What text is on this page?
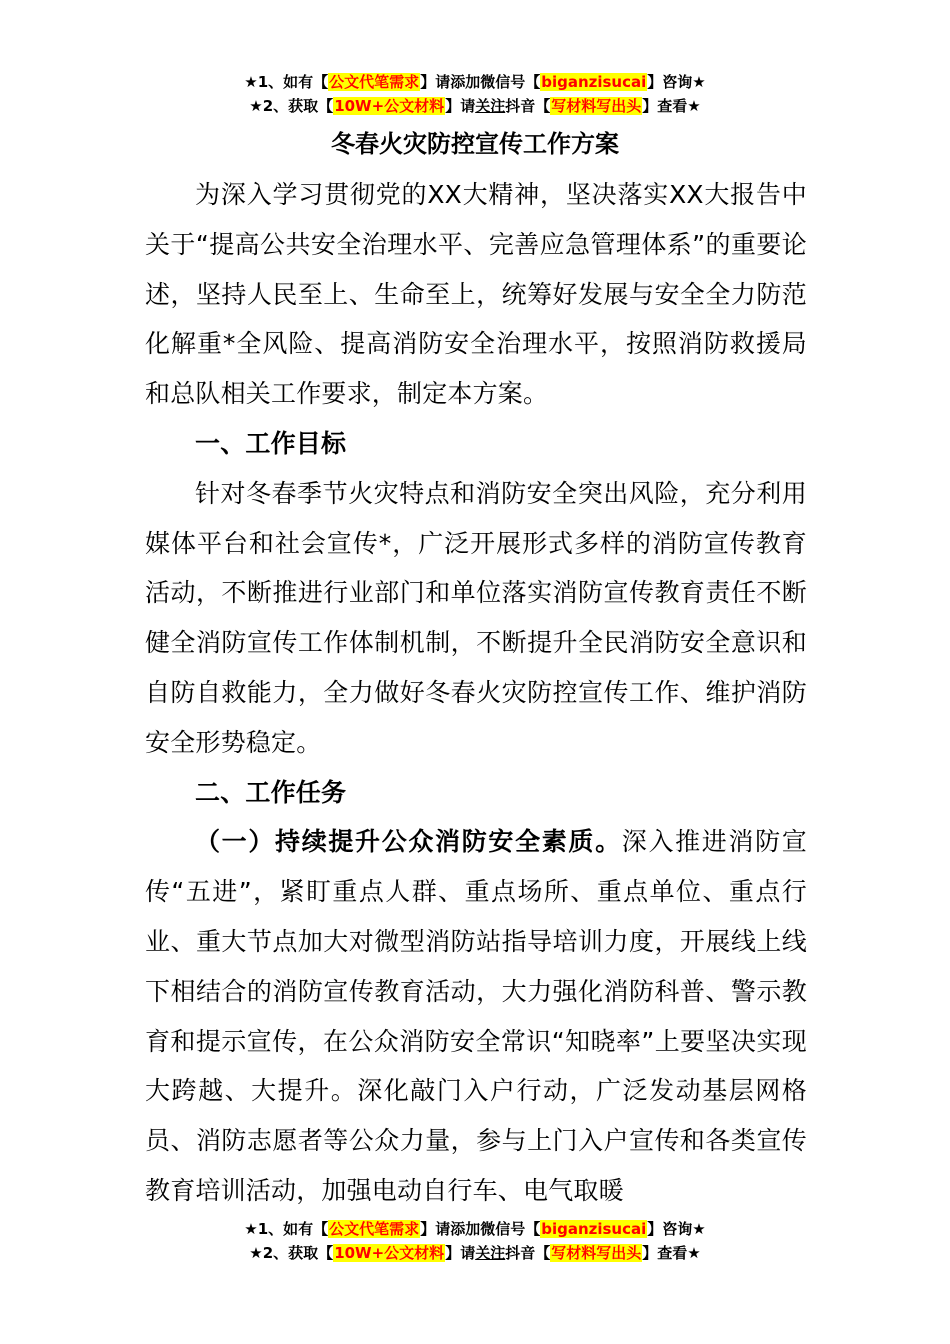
★1、如有【公文代笔需求】请添加微信号【biganzisucai】咨询★
★2、获取【10W+公文材料】请关注抖音【写材料写出头】查看★
冬春火灾防控宣传工作方案

为深入学习贯彻党的XX大精神，坚决落实XX大报告中关于“提高公共安全治理水平、完善应急管理体系”的重要论述，坚持人民至上、生命至上，统筹好发展与安全全力防范化解重*全风险、提高消防安全治理水平，按照消防救援局和总队相关工作要求，制定本方案。

一、工作目标

针对冬春季节火灾特点和消防安全突出风险，充分利用媒体平台和社会宣传*，广泛开展形式多样的消防宣传教育活动，不断推进行业部门和单位落实消防宣传教育责任不断健全消防宣传工作体制机制，不断提升全民消防安全意识和自防自救能力，全力做好冬春火灾防控宣传工作、维护消防安全形势稳定。

二、工作任务

（一）持续提升公众消防安全素质。深入推进消防宣传“五进”，紧盯重点人群、重点场所、重点单位、重点行业、重大节点加大对微型消防站指导培训力度，开展线上线下相结合的消防宣传教育活动，大力强化消防科普、警示教育和提示宣传，在公众消防安全常识“知晓率”上要坚决实现大跨越、大提升。深化敲门入户行动，广泛发动基层网格员、消防志愿者等公众力量，参与上门入户宣传和各类宣传教育培训活动，加强电动自行车、电气取暖

★1、如有【公文代笔需求】请添加微信号【biganzisucai】咨询★
★2、获取【10W+公文材料】请关注抖音【写材料写出头】查看★
